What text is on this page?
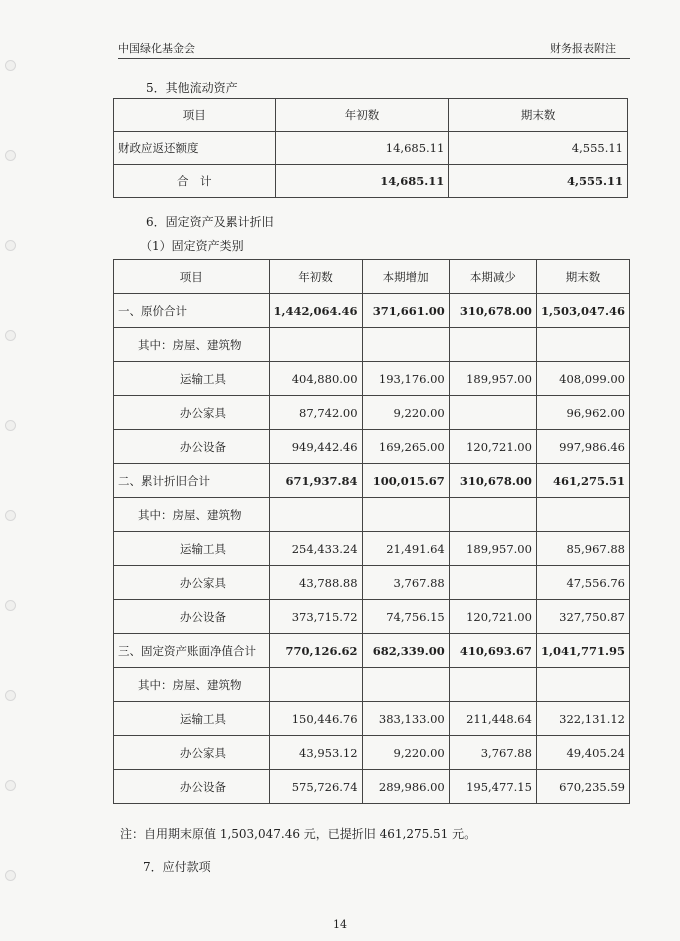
中国绿化基金会	财务报表附注
5．其他流动资产
项目	年初数	期末数
财政应返还额度	14,685.11	4,555.11
合　计	14,685.11	4,555.11
6．固定资产及累计折旧
（1）固定资产类别
项目	年初数	本期增加	本期减少	期末数
一、原价合计	1,442,064.46	371,661.00	310,678.00	1,503,047.46
其中：房屋、建筑物				
运输工具	404,880.00	193,176.00	189,957.00	408,099.00
办公家具	87,742.00	9,220.00		96,962.00
办公设备	949,442.46	169,265.00	120,721.00	997,986.46
二、累计折旧合计	671,937.84	100,015.67	310,678.00	461,275.51
其中：房屋、建筑物				
运输工具	254,433.24	21,491.64	189,957.00	85,967.88
办公家具	43,788.88	3,767.88		47,556.76
办公设备	373,715.72	74,756.15	120,721.00	327,750.87
三、固定资产账面净值合计	770,126.62	682,339.00	410,693.67	1,041,771.95
其中：房屋、建筑物				
运输工具	150,446.76	383,133.00	211,448.64	322,131.12
办公家具	43,953.12	9,220.00	3,767.88	49,405.24
办公设备	575,726.74	289,986.00	195,477.15	670,235.59
注：自用期末原值 1,503,047.46 元，已提折旧 461,275.51 元。
7．应付款项
14
